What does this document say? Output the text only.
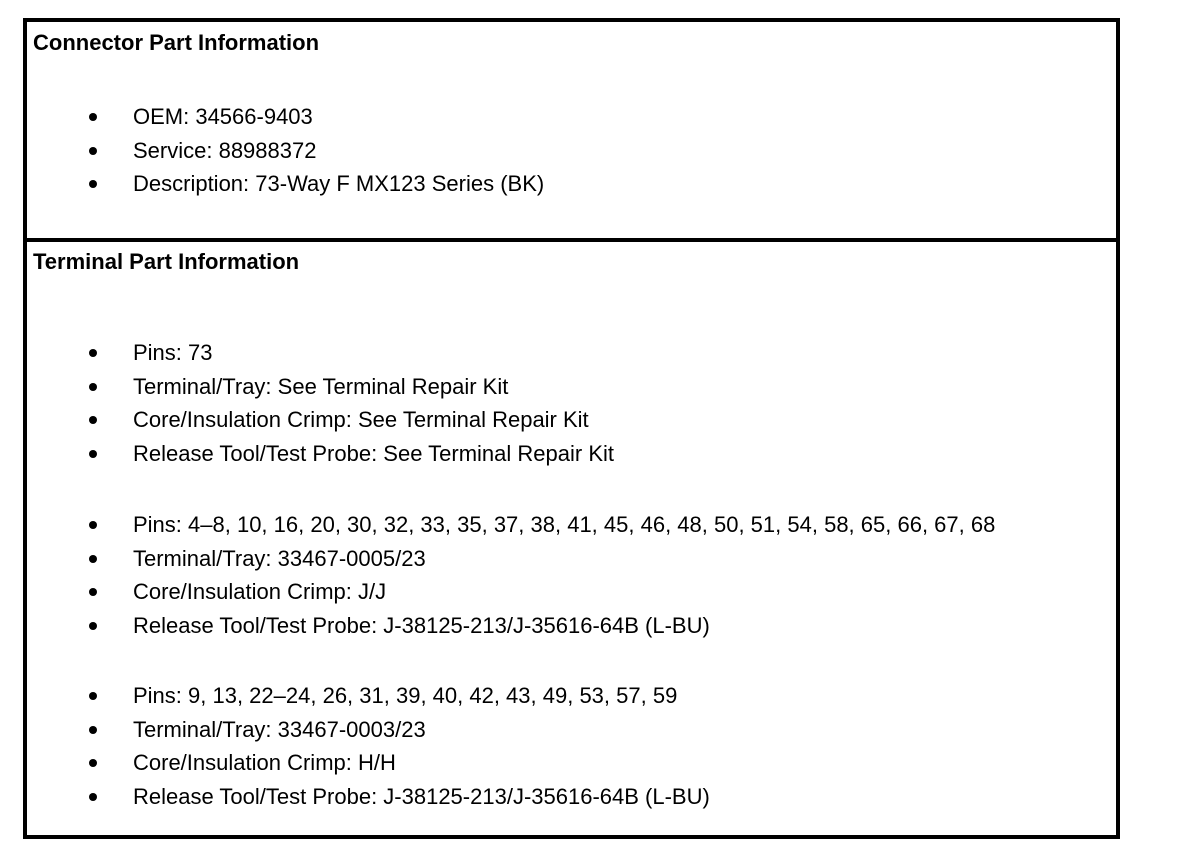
Connector Part Information
OEM: 34566-9403
Service: 88988372
Description: 73-Way F MX123 Series (BK)
Terminal Part Information
Pins: 73
Terminal/Tray: See Terminal Repair Kit
Core/Insulation Crimp: See Terminal Repair Kit
Release Tool/Test Probe: See Terminal Repair Kit
Pins: 4–8, 10, 16, 20, 30, 32, 33, 35, 37, 38, 41, 45, 46, 48, 50, 51, 54, 58, 65, 66, 67, 68
Terminal/Tray: 33467-0005/23
Core/Insulation Crimp: J/J
Release Tool/Test Probe: J-38125-213/J-35616-64B (L-BU)
Pins: 9, 13, 22–24, 26, 31, 39, 40, 42, 43, 49, 53, 57, 59
Terminal/Tray: 33467-0003/23
Core/Insulation Crimp: H/H
Release Tool/Test Probe: J-38125-213/J-35616-64B (L-BU)
